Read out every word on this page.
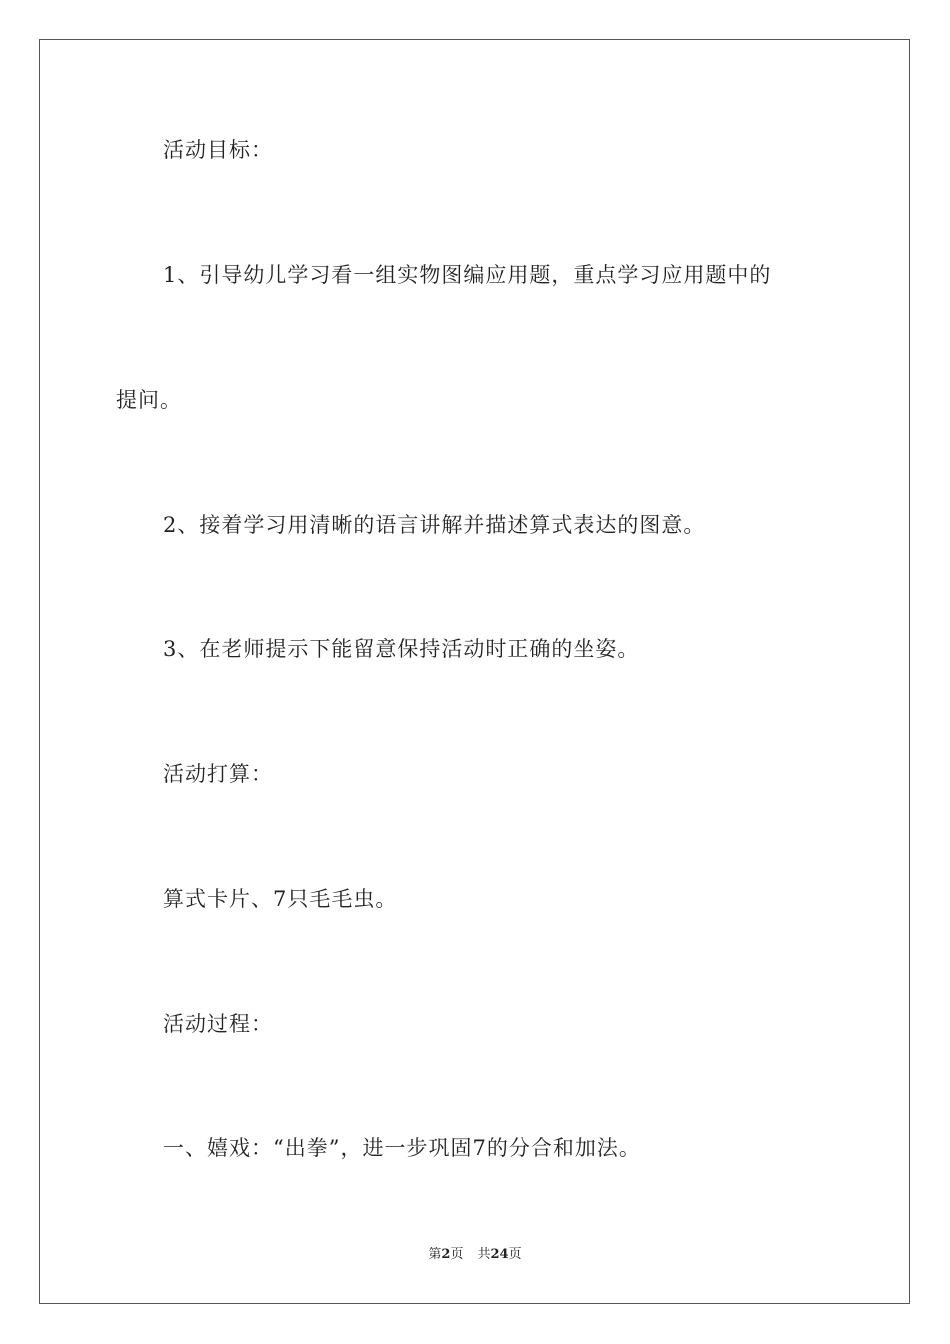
活动目标：

1、引导幼儿学习看一组实物图编应用题，重点学习应用题中的

提问。

2、接着学习用清晰的语言讲解并描述算式表达的图意。

3、在老师提示下能留意保持活动时正确的坐姿。

活动打算：

算式卡片、7只毛毛虫。

活动过程：

一、嬉戏：“出拳”，进一步巩固7的分合和加法。

第2页 共24页
